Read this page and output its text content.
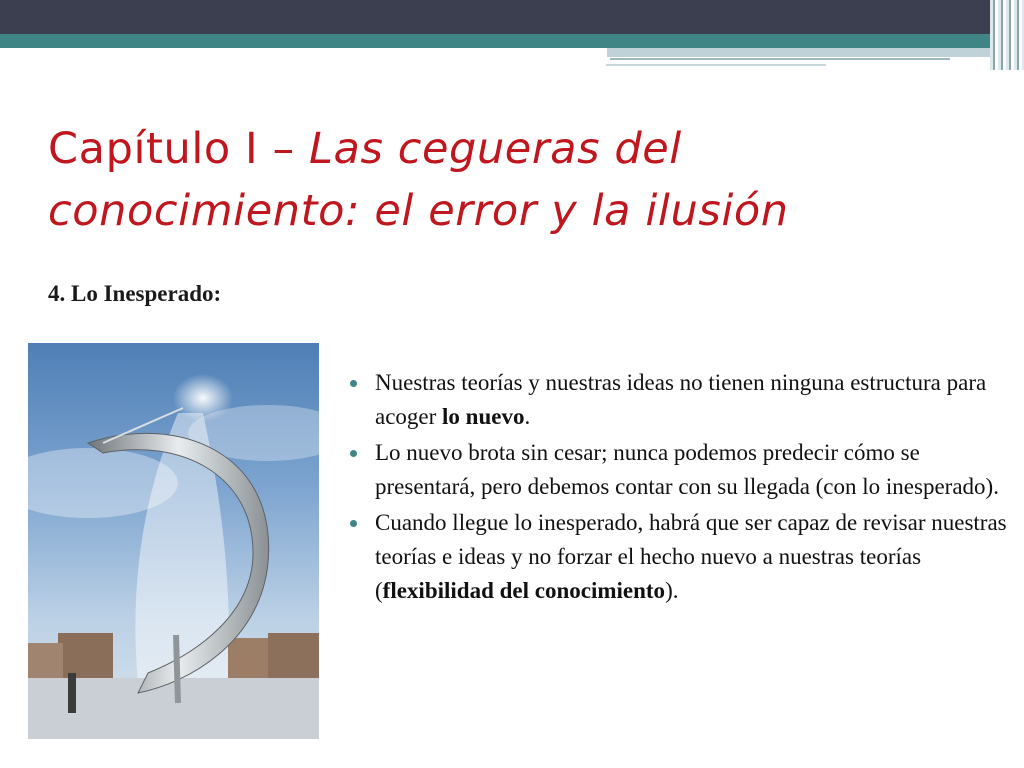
Capítulo I – Las cegueras del conocimiento: el error y la ilusión
4. Lo Inesperado:
Nuestras teorías y nuestras ideas no tienen ninguna estructura para acoger lo nuevo.
Lo nuevo brota sin cesar; nunca podemos predecir cómo se presentará, pero debemos contar con su llegada (con lo inesperado).
Cuando llegue lo inesperado, habrá que ser capaz de revisar nuestras teorías e ideas y no forzar el hecho nuevo a nuestras teorías (flexibilidad del conocimiento).
